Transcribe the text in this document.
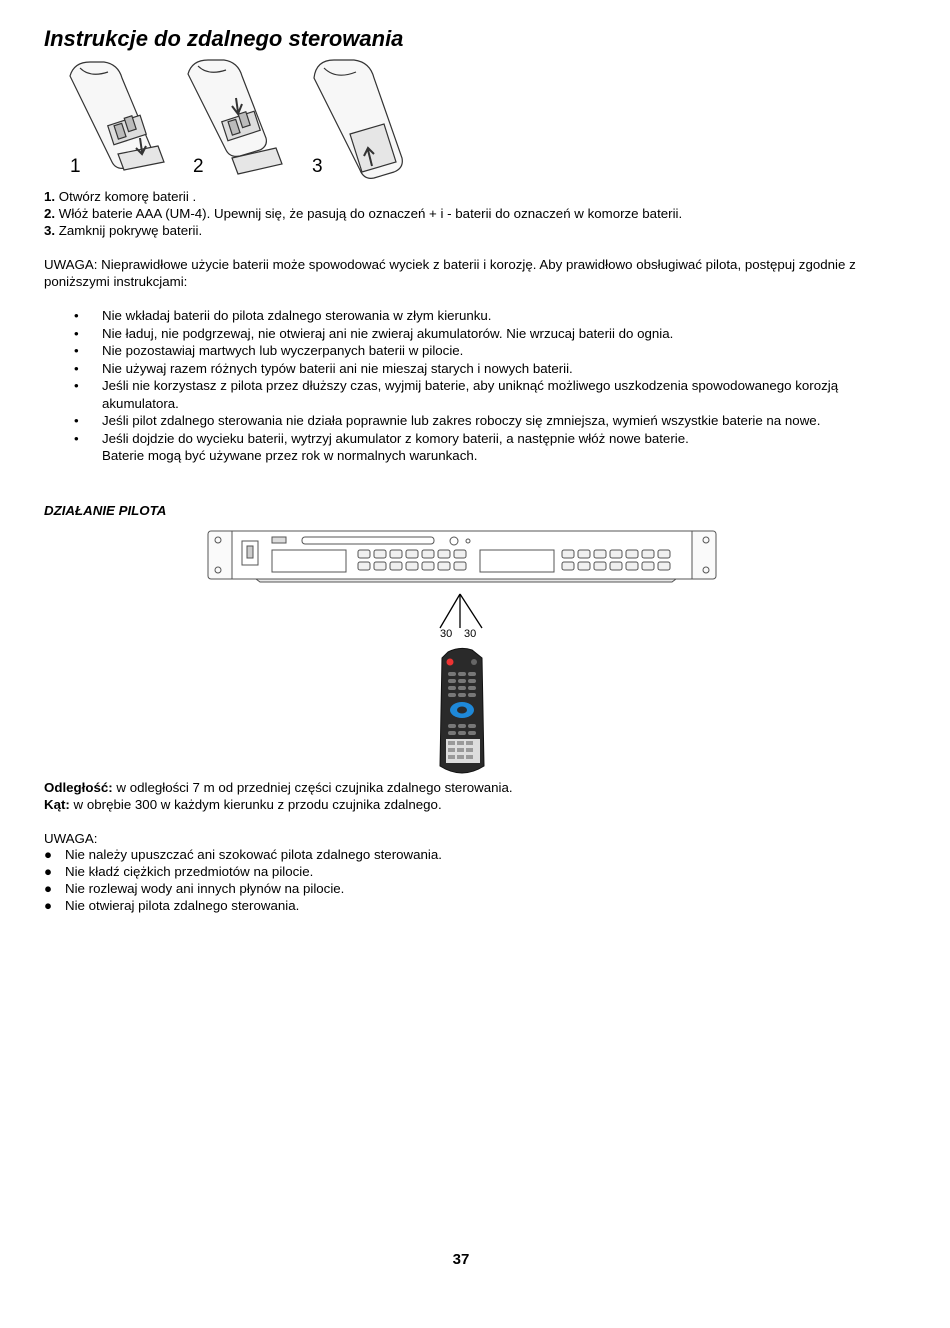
Instrukcje do zdalnego sterowania
1	2	3

1. Otwórz komorę baterii .

2. Włóż baterie AAA (UM-4). Upewnij się, że pasują do oznaczeń + i - baterii do oznaczeń w komorze baterii.

3. Zamknij pokrywę baterii.

UWAGA: Nieprawidłowe użycie baterii może spowodować wyciek z baterii i korozję. Aby prawidłowo obsługiwać pilota, postępuj zgodnie z poniższymi instrukcjami:

• Nie wkładaj baterii do pilota zdalnego sterowania w złym kierunku.
• Nie ładuj, nie podgrzewaj, nie otwieraj ani nie zwieraj akumulatorów. Nie wrzucaj baterii do ognia.
• Nie pozostawiaj martwych lub wyczerpanych baterii w pilocie.
• Nie używaj razem różnych typów baterii ani nie mieszaj starych i nowych baterii.
• Jeśli nie korzystasz z pilota przez dłuższy czas, wyjmij baterie, aby uniknąć możliwego uszkodzenia spowodowanego korozją akumulatora.
• Jeśli pilot zdalnego sterowania nie działa poprawnie lub zakres roboczy się zmniejsza, wymień wszystkie baterie na nowe.
• Jeśli dojdzie do wycieku baterii, wytrzyj akumulator z komory baterii, a następnie włóż nowe baterie.
Baterie mogą być używane przez rok w normalnych warunkach.
DZIAŁANIE PILOTA
30 30

Odległość: w odległości 7 m od przedniej części czujnika zdalnego sterowania.

Kąt: w obrębie 300 w każdym kierunku z przodu czujnika zdalnego.

UWAGA:

● Nie należy upuszczać ani szokować pilota zdalnego sterowania.
● Nie kładź ciężkich przedmiotów na pilocie.
● Nie rozlewaj wody ani innych płynów na pilocie.
● Nie otwieraj pilota zdalnego sterowania.
37
